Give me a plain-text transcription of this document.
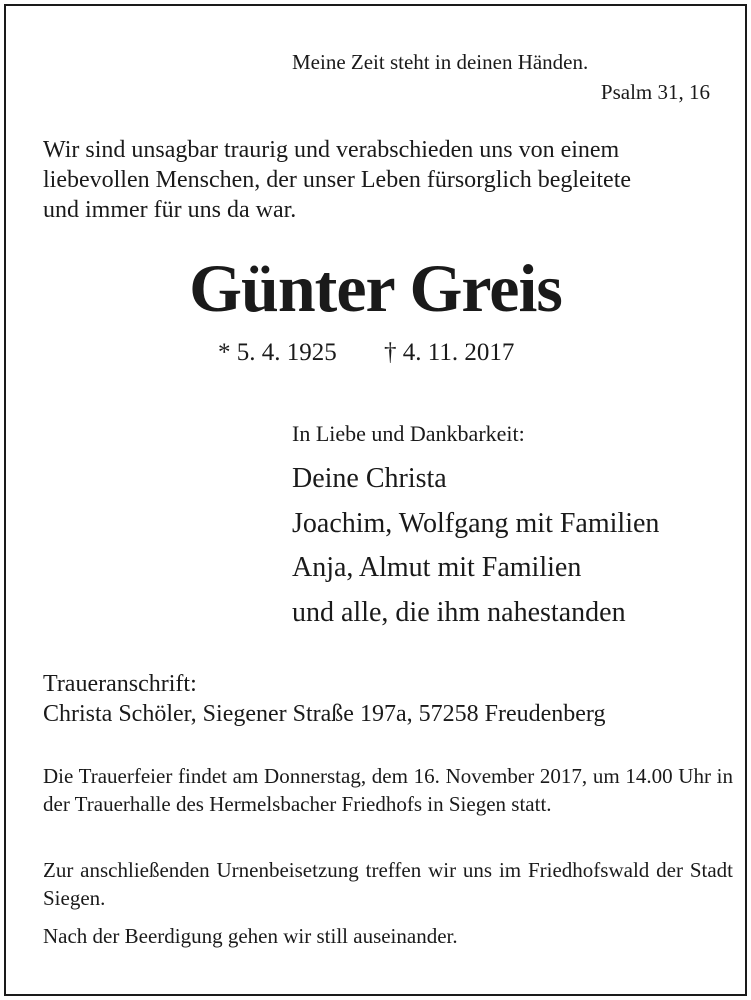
Meine Zeit steht in deinen Händen.
Psalm 31, 16
Wir sind unsagbar traurig und verabschieden uns von einem
liebevollen Menschen, der unser Leben fürsorglich begleitete
und immer für uns da war.
Günter Greis
* 5. 4. 1925 † 4. 11. 2017
In Liebe und Dankbarkeit:
Deine Christa
Joachim, Wolfgang mit Familien
Anja, Almut mit Familien
und alle, die ihm nahestanden
Traueranschrift:
Christa Schöler, Siegener Straße 197a, 57258 Freudenberg
Die Trauerfeier findet am Donnerstag, dem 16. November 2017, um 14.00 Uhr in der Trauerhalle des Hermelsbacher Friedhofs in Siegen statt.
Zur anschließenden Urnenbeisetzung treffen wir uns im Friedhofswald der Stadt Siegen.
Nach der Beerdigung gehen wir still auseinander.
